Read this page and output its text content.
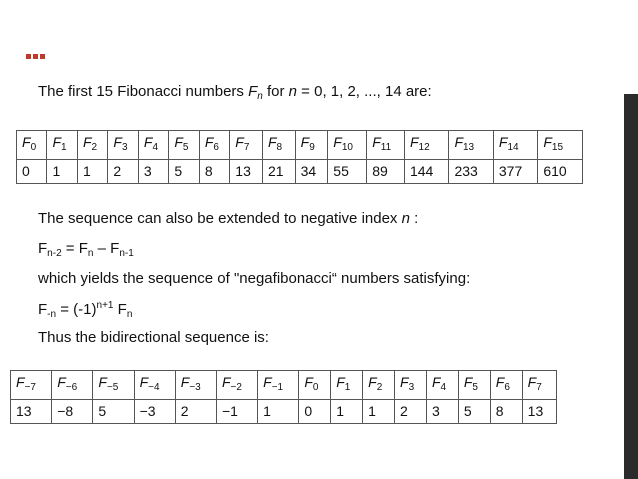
The first 15 Fibonacci numbers $F_n$ for n = 0, 1, 2, ..., 14 are:
$F_0$	$F_1$	$F_2$	$F_3$	$F_4$	$F_5$	$F_6$	$F_7$	$F_8$	$F_9$	$F_{10}$	$F_{11}$	$F_{12}$	$F_{13}$	$F_{14}$	$F_{15}$
0	1	1	2	3	5	8	13	21	34	55	89	144	233	377	610
The sequence can also be extended to negative index n :
$F_{n-2} = F_n - F_{n-1}$
which yields the sequence of "negafibonacci“ numbers satisfying:
$F_{-n} = (-1)^{n+1}$ $F_n$
Thus the bidirectional sequence is:
$F_{-7}$	$F_{-6}$	$F_{-5}$	$F_{-4}$	$F_{-3}$	$F_{-2}$	$F_{-1}$	$F_0$	$F_1$	$F_2$	$F_3$	$F_4$	$F_5$	$F_6$	$F_7$
13	−8	5	−3	2	−1	1	0	1	1	2	3	5	8	13
